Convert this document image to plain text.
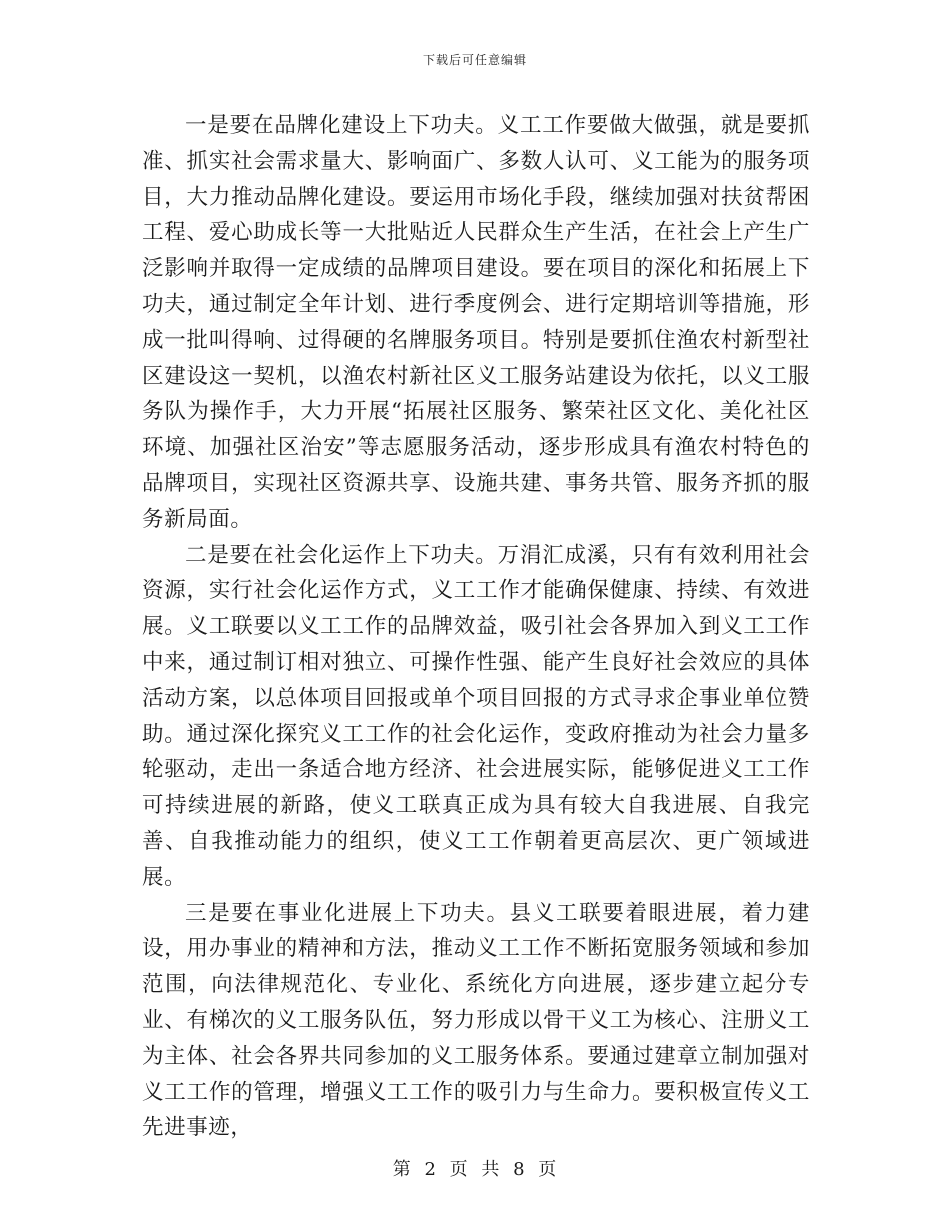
下载后可任意编辑

一是要在品牌化建设上下功夫。义工工作要做大做强，就是要抓准、抓实社会需求量大、影响面广、多数人认可、义工能为的服务项目，大力推动品牌化建设。要运用市场化手段，继续加强对扶贫帮困工程、爱心助成长等一大批贴近人民群众生产生活，在社会上产生广泛影响并取得一定成绩的品牌项目建设。要在项目的深化和拓展上下功夫，通过制定全年计划、进行季度例会、进行定期培训等措施，形成一批叫得响、过得硬的名牌服务项目。特别是要抓住渔农村新型社区建设这一契机，以渔农村新社区义工服务站建设为依托，以义工服务队为操作手，大力开展“拓展社区服务、繁荣社区文化、美化社区环境、加强社区治安”等志愿服务活动，逐步形成具有渔农村特色的品牌项目，实现社区资源共享、设施共建、事务共管、服务齐抓的服务新局面。

二是要在社会化运作上下功夫。万涓汇成溪，只有有效利用社会资源，实行社会化运作方式，义工工作才能确保健康、持续、有效进展。义工联要以义工工作的品牌效益，吸引社会各界加入到义工工作中来，通过制订相对独立、可操作性强、能产生良好社会效应的具体活动方案，以总体项目回报或单个项目回报的方式寻求企事业单位赞助。通过深化探究义工工作的社会化运作，变政府推动为社会力量多轮驱动，走出一条适合地方经济、社会进展实际，能够促进义工工作可持续进展的新路，使义工联真正成为具有较大自我进展、自我完善、自我推动能力的组织，使义工工作朝着更高层次、更广领域进展。

三是要在事业化进展上下功夫。县义工联要着眼进展，着力建设，用办事业的精神和方法，推动义工工作不断拓宽服务领域和参加范围，向法律规范化、专业化、系统化方向进展，逐步建立起分专业、有梯次的义工服务队伍，努力形成以骨干义工为核心、注册义工为主体、社会各界共同参加的义工服务体系。要通过建章立制加强对义工工作的管理，增强义工工作的吸引力与生命力。要积极宣传义工先进事迹，

第 2 页 共 8 页
